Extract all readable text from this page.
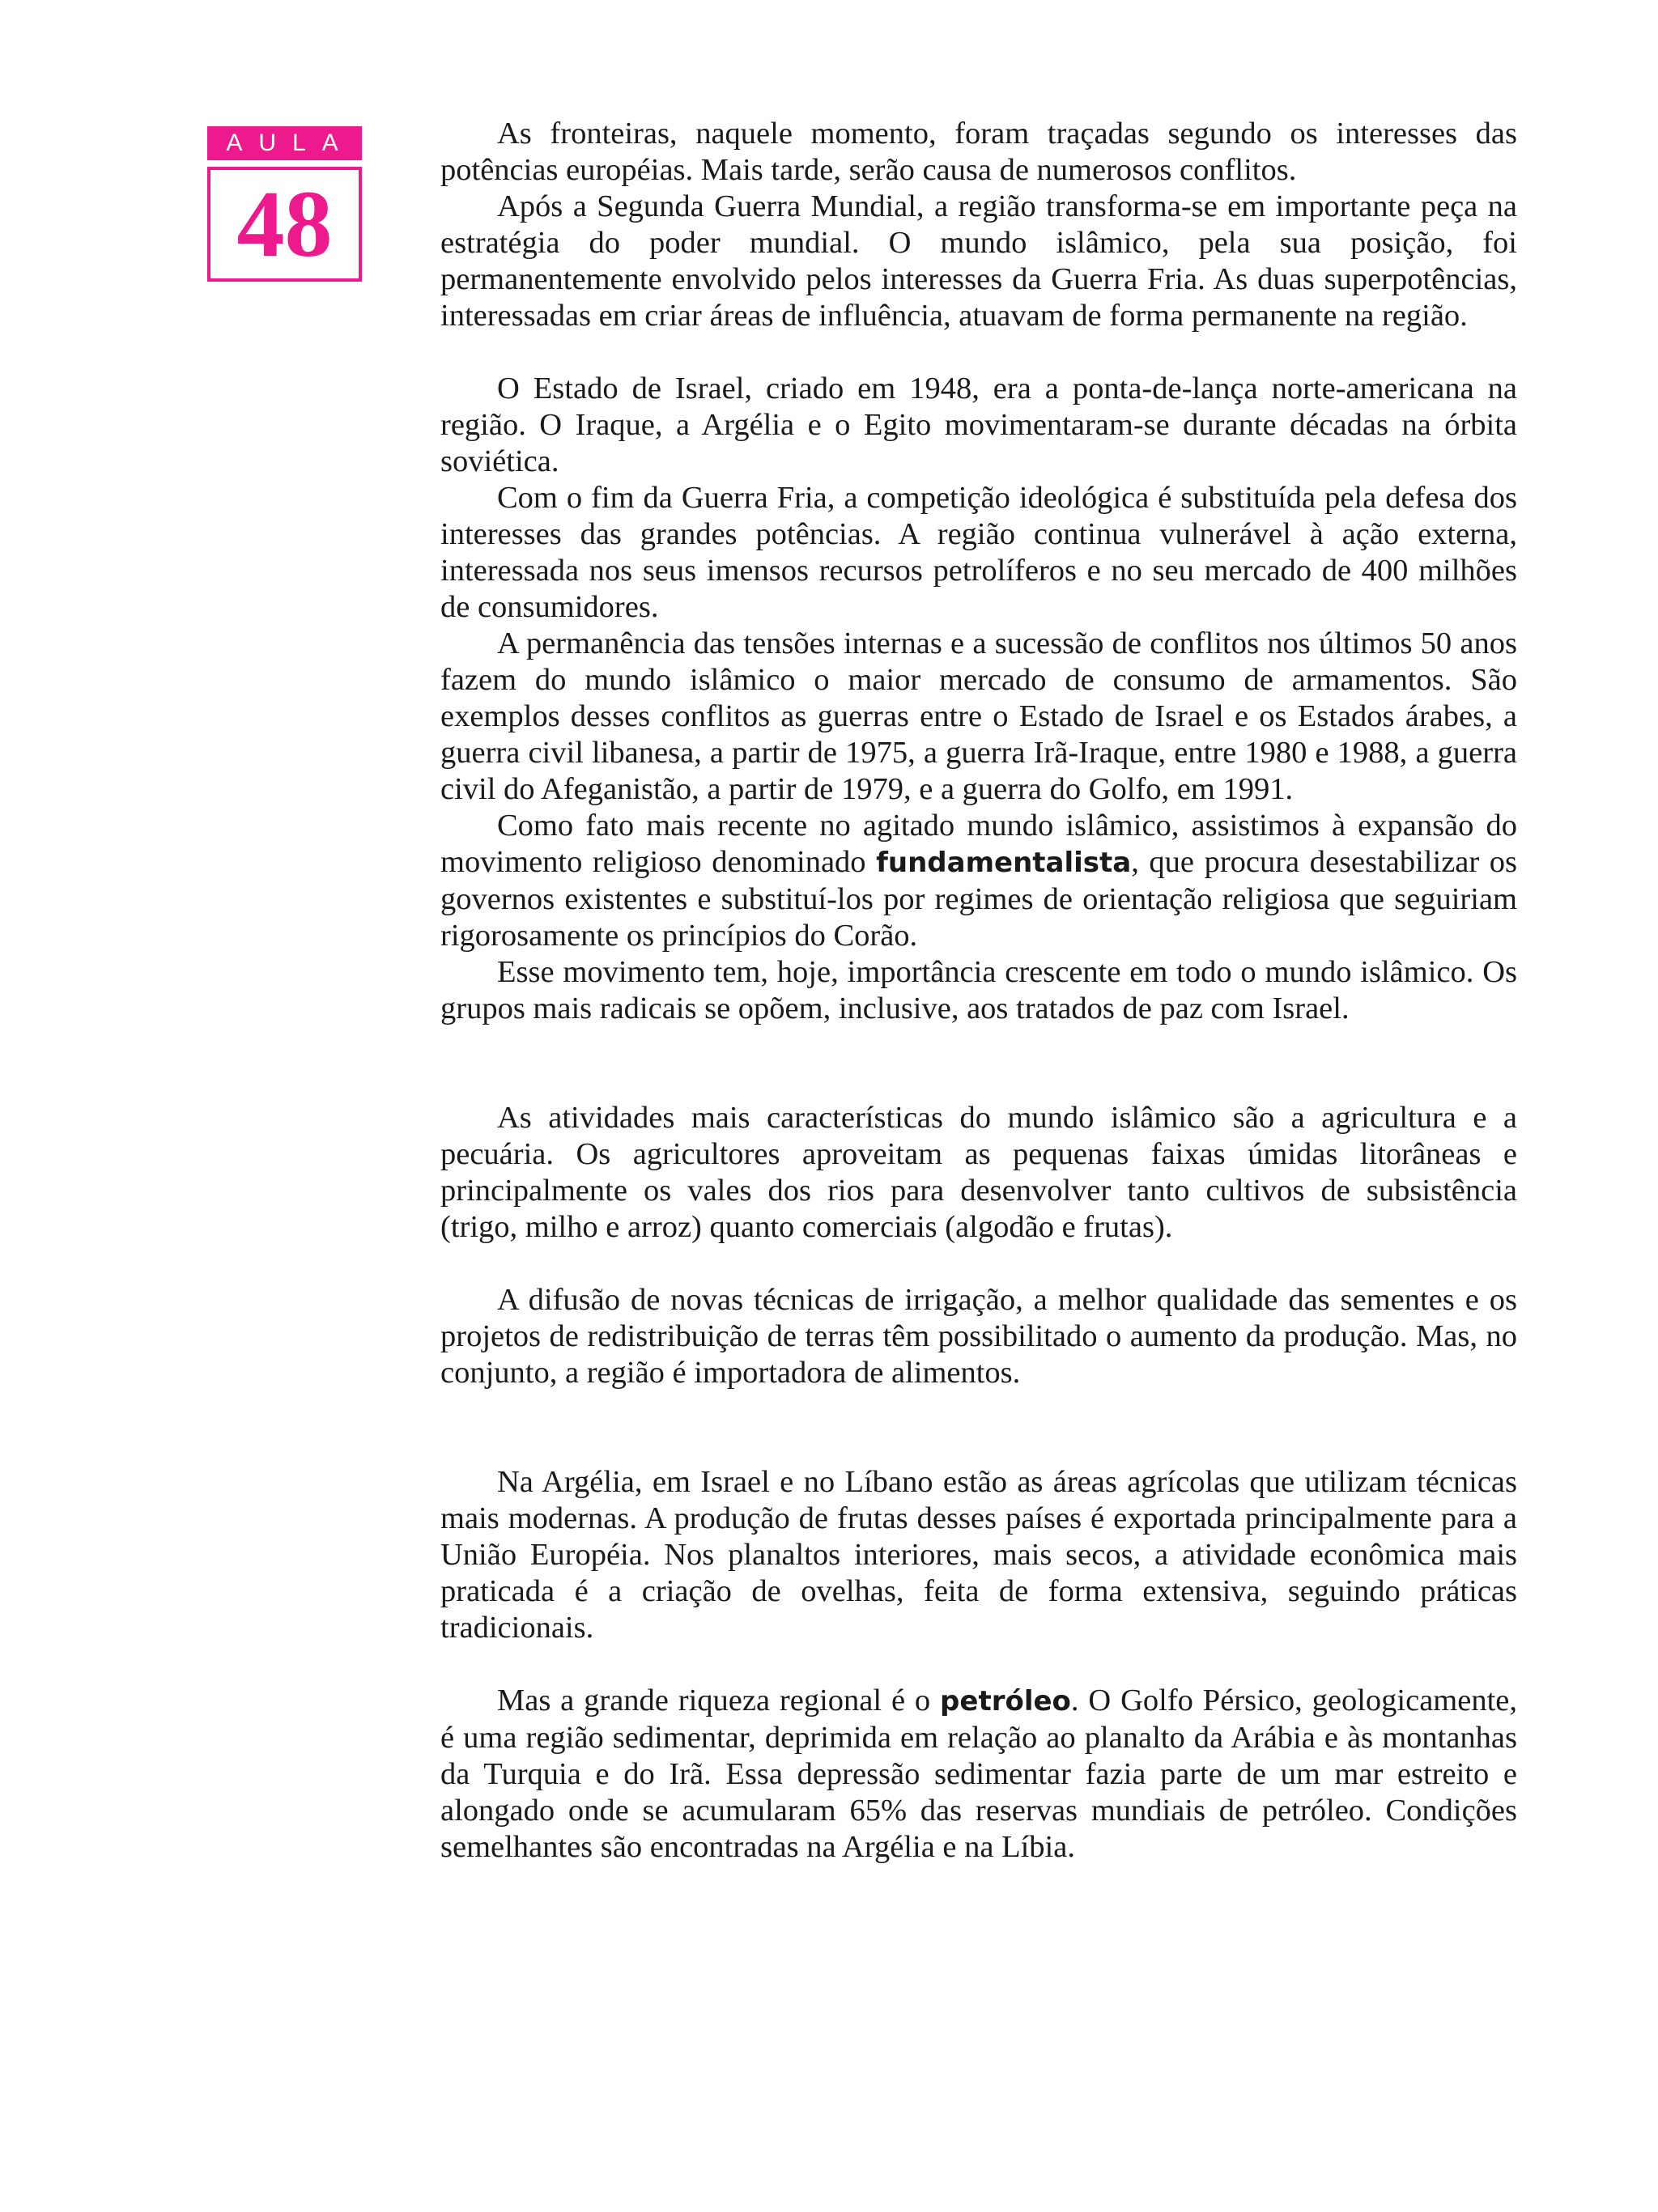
AULA
48

As fronteiras, naquele momento, foram traçadas segundo os interesses das potências européias. Mais tarde, serão causa de numerosos conflitos.

Após a Segunda Guerra Mundial, a região transforma-se em importante peça na estratégia do poder mundial. O mundo islâmico, pela sua posição, foi permanentemente envolvido pelos interesses da Guerra Fria. As duas superpotências, interessadas em criar áreas de influência, atuavam de forma permanente na região.

O Estado de Israel, criado em 1948, era a ponta-de-lança norte-americana na região. O Iraque, a Argélia e o Egito movimentaram-se durante décadas na órbita soviética.

Com o fim da Guerra Fria, a competição ideológica é substituída pela defesa dos interesses das grandes potências. A região continua vulnerável à ação externa, interessada nos seus imensos recursos petrolíferos e no seu mercado de 400 milhões de consumidores.

A permanência das tensões internas e a sucessão de conflitos nos últimos 50 anos fazem do mundo islâmico o maior mercado de consumo de armamentos. São exemplos desses conflitos as guerras entre o Estado de Israel e os Estados árabes, a guerra civil libanesa, a partir de 1975, a guerra Irã-Iraque, entre 1980 e 1988, a guerra civil do Afeganistão, a partir de 1979, e a guerra do Golfo, em 1991.

Como fato mais recente no agitado mundo islâmico, assistimos à expansão do movimento religioso denominado fundamentalista, que procura desestabilizar os governos existentes e substituí-los por regimes de orientação religiosa que seguiriam rigorosamente os princípios do Corão.

Esse movimento tem, hoje, importância crescente em todo o mundo islâmico. Os grupos mais radicais se opõem, inclusive, aos tratados de paz com Israel.

As atividades mais características do mundo islâmico são a agricultura e a pecuária. Os agricultores aproveitam as pequenas faixas úmidas litorâneas e principalmente os vales dos rios para desenvolver tanto cultivos de subsistência (trigo, milho e arroz) quanto comerciais (algodão e frutas).

A difusão de novas técnicas de irrigação, a melhor qualidade das sementes e os projetos de redistribuição de terras têm possibilitado o aumento da produção. Mas, no conjunto, a região é importadora de alimentos.

Na Argélia, em Israel e no Líbano estão as áreas agrícolas que utilizam técnicas mais modernas. A produção de frutas desses países é exportada principalmente para a União Européia. Nos planaltos interiores, mais secos, a atividade econômica mais praticada é a criação de ovelhas, feita de forma extensiva, seguindo práticas tradicionais.

Mas a grande riqueza regional é o petróleo. O Golfo Pérsico, geologicamente, é uma região sedimentar, deprimida em relação ao planalto da Arábia e às montanhas da Turquia e do Irã. Essa depressão sedimentar fazia parte de um mar estreito e alongado onde se acumularam 65% das reservas mundiais de petróleo. Condições semelhantes são encontradas na Argélia e na Líbia.
